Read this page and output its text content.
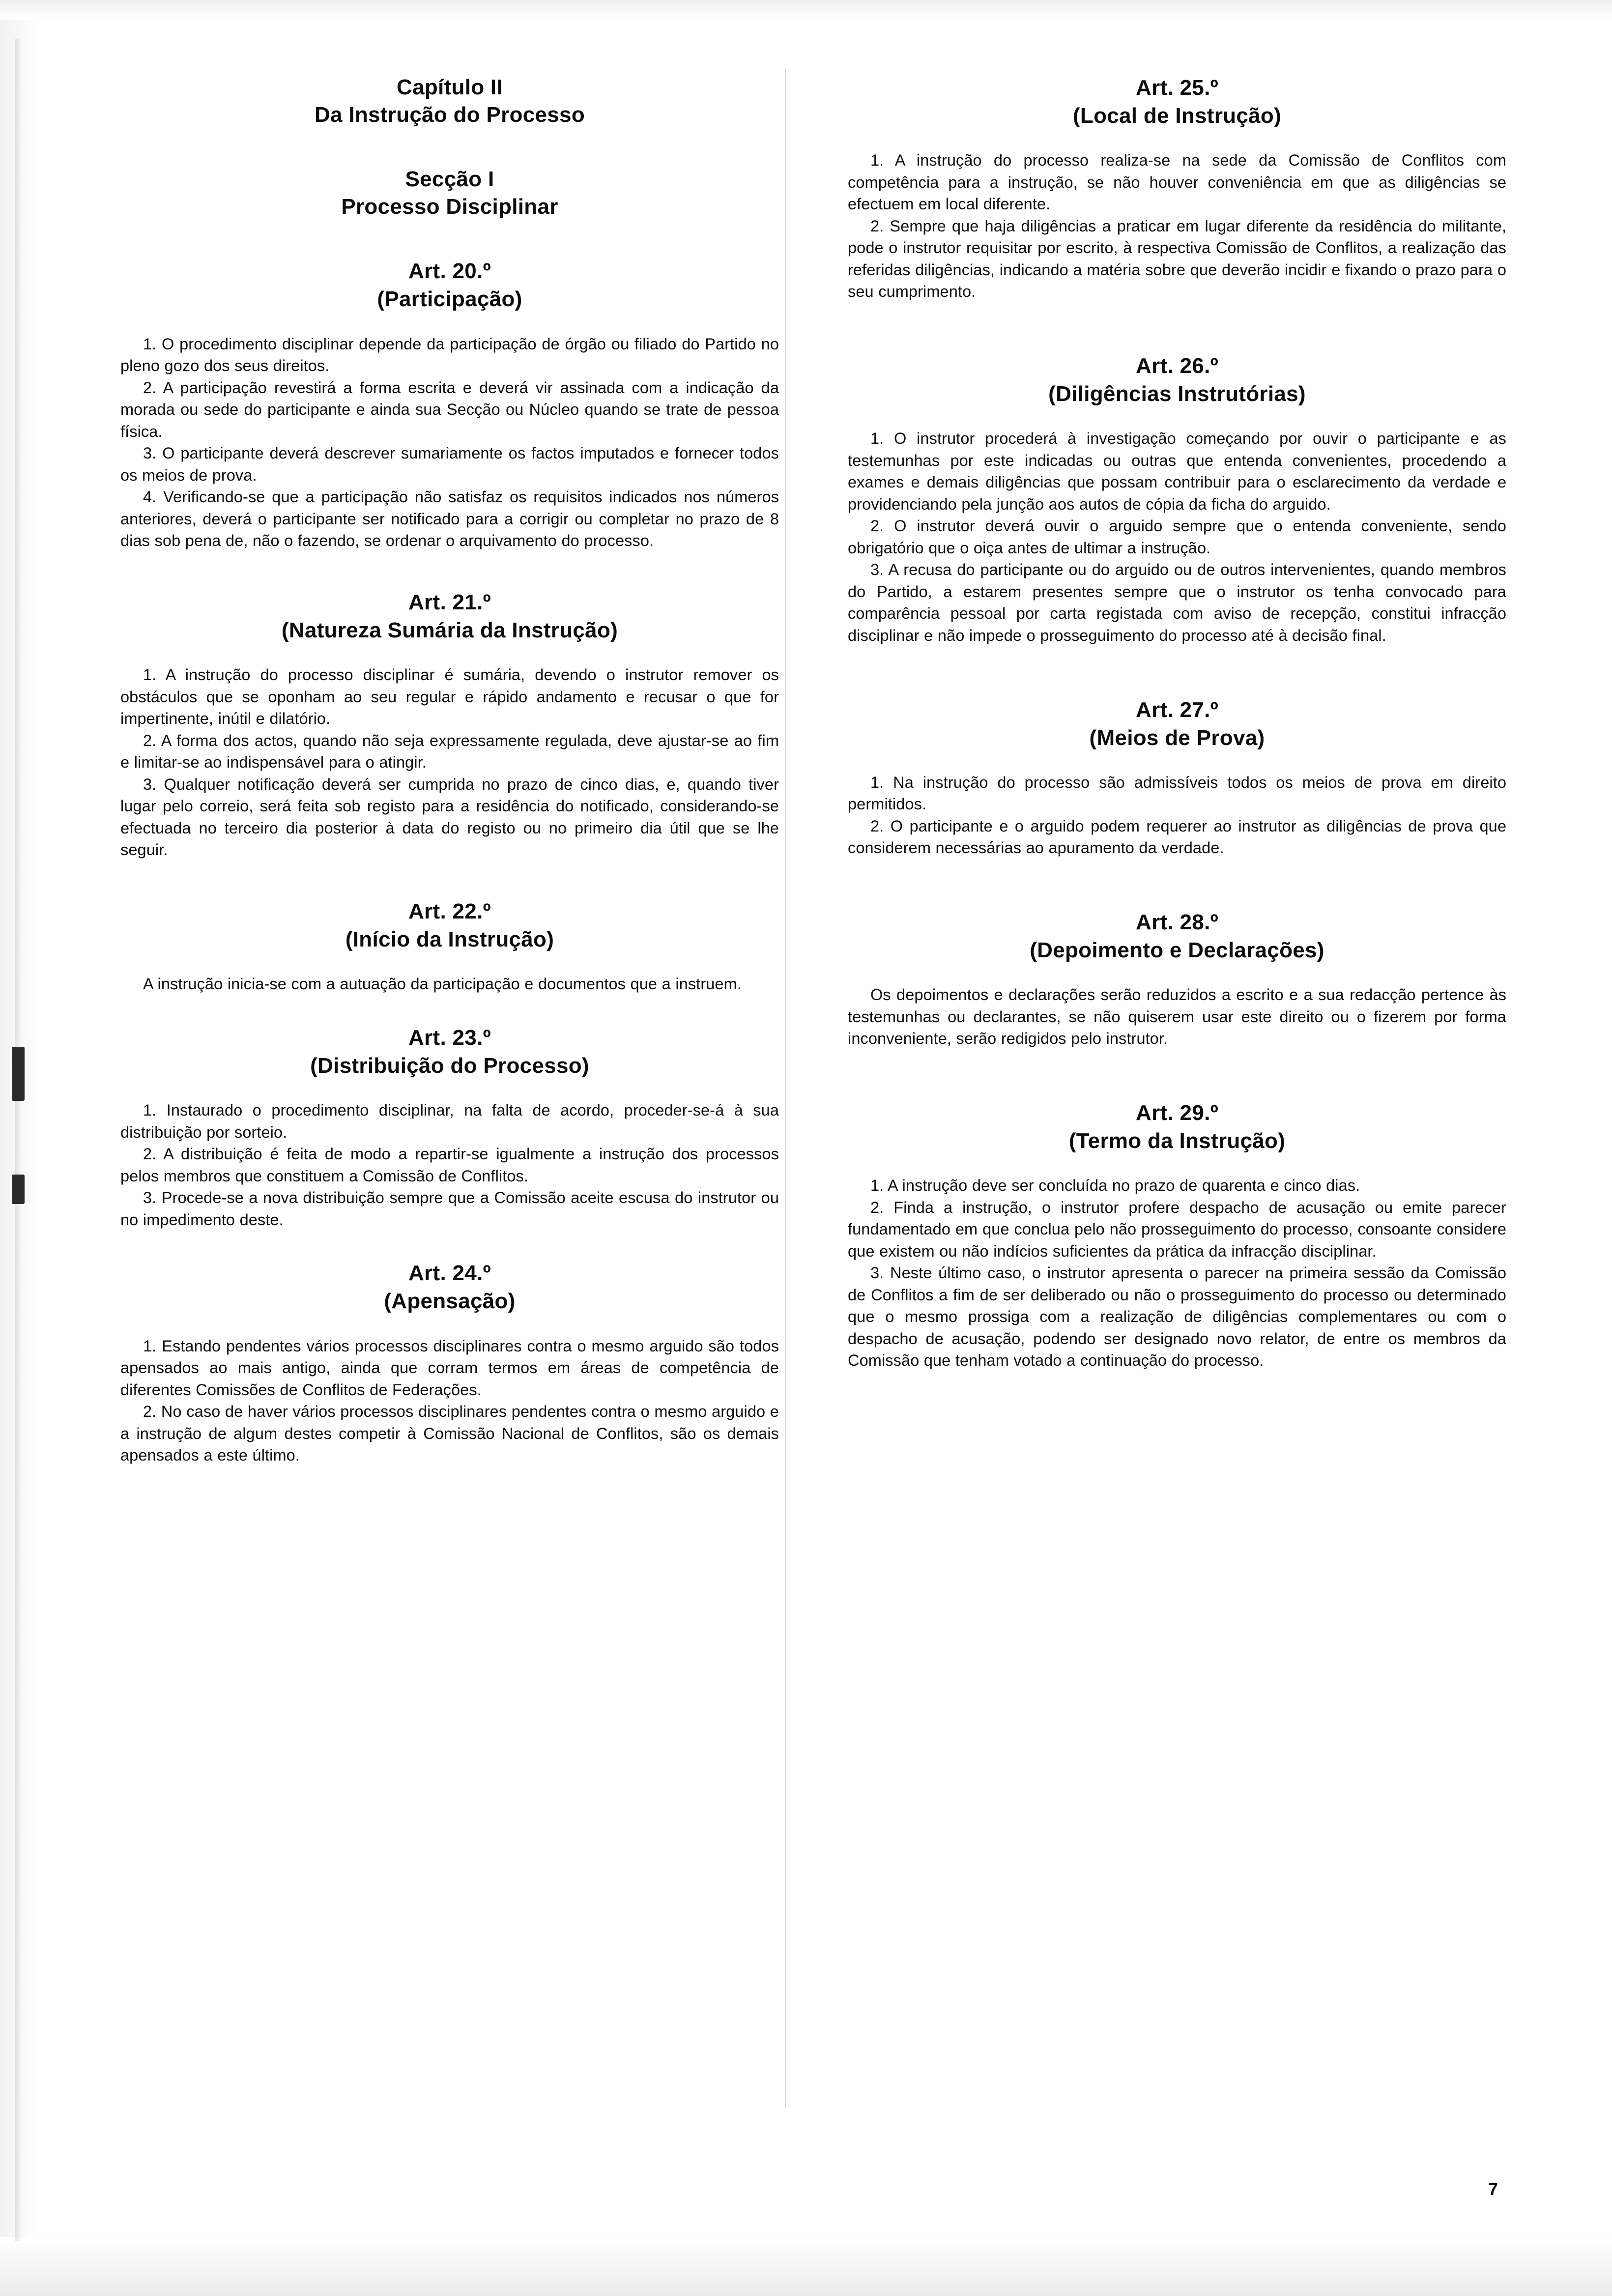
Capítulo II
Da Instrução do Processo
Secção I
Processo Disciplinar
Art. 20.º
(Participação)

1. O procedimento disciplinar depende da participação de órgão ou filiado do Partido no pleno gozo dos seus direitos.

2. A participação revestirá a forma escrita e deverá vir assinada com a indicação da morada ou sede do participante e ainda sua Secção ou Núcleo quando se trate de pessoa física.

3. O participante deverá descrever sumariamente os factos imputados e fornecer todos os meios de prova.

4. Verificando-se que a participação não satisfaz os requisitos indicados nos números anteriores, deverá o participante ser notificado para a corrigir ou completar no prazo de 8 dias sob pena de, não o fazendo, se ordenar o arquivamento do processo.

Art. 21.º
(Natureza Sumária da Instrução)

1. A instrução do processo disciplinar é sumária, devendo o instrutor remover os obstáculos que se oponham ao seu regular e rápido andamento e recusar o que for impertinente, inútil e dilatório.

2. A forma dos actos, quando não seja expressamente regulada, deve ajustar-se ao fim e limitar-se ao indispensável para o atingir.

3. Qualquer notificação deverá ser cumprida no prazo de cinco dias, e, quando tiver lugar pelo correio, será feita sob registo para a residência do notificado, considerando-se efectuada no terceiro dia posterior à data do registo ou no primeiro dia útil que se lhe seguir.

Art. 22.º
(Início da Instrução)

A instrução inicia-se com a autuação da participação e documentos que a instruem.

Art. 23.º
(Distribuição do Processo)

1. Instaurado o procedimento disciplinar, na falta de acordo, proceder-se-á à sua distribuição por sorteio.

2. A distribuição é feita de modo a repartir-se igualmente a instrução dos processos pelos membros que constituem a Comissão de Conflitos.

3. Procede-se a nova distribuição sempre que a Comissão aceite escusa do instrutor ou no impedimento deste.

Art. 24.º
(Apensação)

1. Estando pendentes vários processos disciplinares contra o mesmo arguido são todos apensados ao mais antigo, ainda que corram termos em áreas de competência de diferentes Comissões de Conflitos de Federações.

2. No caso de haver vários processos disciplinares pendentes contra o mesmo arguido e a instrução de algum destes competir à Comissão Nacional de Conflitos, são os demais apensados a este último.

Art. 25.º
(Local de Instrução)

1. A instrução do processo realiza-se na sede da Comissão de Conflitos com competência para a instrução, se não houver conveniência em que as diligências se efectuem em local diferente.

2. Sempre que haja diligências a praticar em lugar diferente da residência do militante, pode o instrutor requisitar por escrito, à respectiva Comissão de Conflitos, a realização das referidas diligências, indicando a matéria sobre que deverão incidir e fixando o prazo para o seu cumprimento.

Art. 26.º
(Diligências Instrutórias)

1. O instrutor procederá à investigação começando por ouvir o participante e as testemunhas por este indicadas ou outras que entenda convenientes, procedendo a exames e demais diligências que possam contribuir para o esclarecimento da verdade e providenciando pela junção aos autos de cópia da ficha do arguido.

2. O instrutor deverá ouvir o arguido sempre que o entenda conveniente, sendo obrigatório que o oiça antes de ultimar a instrução.

3. A recusa do participante ou do arguido ou de outros intervenientes, quando membros do Partido, a estarem presentes sempre que o instrutor os tenha convocado para comparência pessoal por carta registada com aviso de recepção, constitui infracção disciplinar e não impede o prosseguimento do processo até à decisão final.

Art. 27.º
(Meios de Prova)

1. Na instrução do processo são admissíveis todos os meios de prova em direito permitidos.

2. O participante e o arguido podem requerer ao instrutor as diligências de prova que considerem necessárias ao apuramento da verdade.

Art. 28.º
(Depoimento e Declarações)

Os depoimentos e declarações serão reduzidos a escrito e a sua redacção pertence às testemunhas ou declarantes, se não quiserem usar este direito ou o fizerem por forma inconveniente, serão redigidos pelo instrutor.

Art. 29.º
(Termo da Instrução)

1. A instrução deve ser concluída no prazo de quarenta e cinco dias.

2. Finda a instrução, o instrutor profere despacho de acusação ou emite parecer fundamentado em que conclua pelo não prosseguimento do processo, consoante considere que existem ou não indícios suficientes da prática da infracção disciplinar.

3. Neste último caso, o instrutor apresenta o parecer na primeira sessão da Comissão de Conflitos a fim de ser deliberado ou não o prosseguimento do processo ou determinado que o mesmo prossiga com a realização de diligências complementares ou com o despacho de acusação, podendo ser designado novo relator, de entre os membros da Comissão que tenham votado a continuação do processo.

7
